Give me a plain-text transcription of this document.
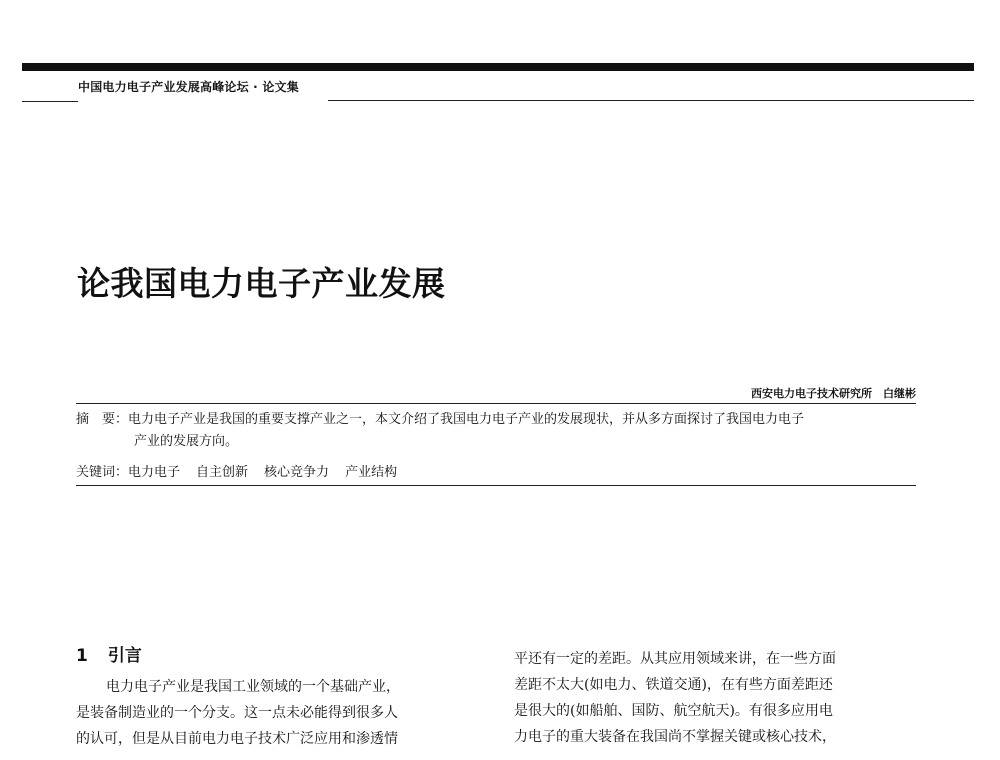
中国电力电子产业发展高峰论坛 · 论文集
论我国电力电子产业发展
西安电力电子技术研究所　白继彬
摘　要： 电力电子产业是我国的重要支撑产业之一，本文介绍了我国电力电子产业的发展现状，并从多方面探讨了我国电力电子
产业的发展方向。
关键词：电力电子 自主创新 核心竞争力 产业结构
1 引言
电力电子产业是我国工业领域的一个基础产业，
是装备制造业的一个分支。这一点未必能得到很多人
的认可，但是从目前电力电子技术广泛应用和渗透情
平还有一定的差距。从其应用领域来讲，在一些方面
差距不太大(如电力、铁道交通)，在有些方面差距还
是很大的(如船舶、国防、航空航天)。有很多应用电
力电子的重大装备在我国尚不掌握关键或核心技术，
